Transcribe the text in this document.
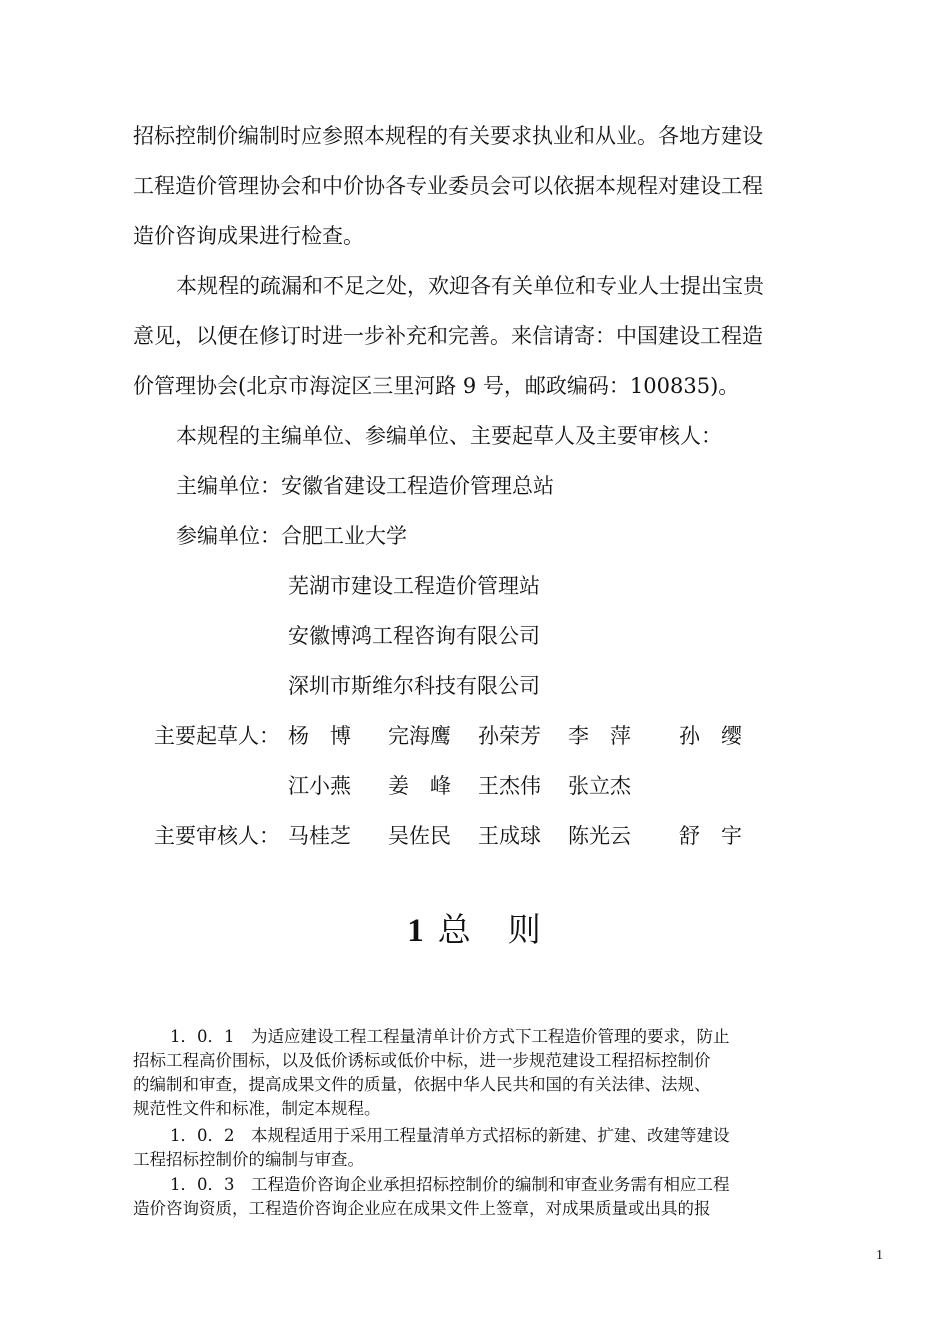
招标控制价编制时应参照本规程的有关要求执业和从业。各地方建设
工程造价管理协会和中价协各专业委员会可以依据本规程对建设工程
造价咨询成果进行检查。
本规程的疏漏和不足之处，欢迎各有关单位和专业人士提出宝贵
意见，以便在修订时进一步补充和完善。来信请寄：中国建设工程造
价管理协会(北京市海淀区三里河路 9 号，邮政编码：100835)。
本规程的主编单位、参编单位、主要起草人及主要审核人：
主编单位：安徽省建设工程造价管理总站
参编单位：合肥工业大学
芜湖市建设工程造价管理站
安徽博鸿工程咨询有限公司
深圳市斯维尔科技有限公司
主要起草人： 杨　博 完海鹰 孙荣芳 李　萍 孙　缨
江小燕 姜　峰 王杰伟 张立杰
主要审核人： 马桂芝 吴佐民 王成球 陈光云 舒　宇
1 总　则
1．0．1　为适应建设工程工程量清单计价方式下工程造价管理的要求，防止
招标工程高价围标，以及低价诱标或低价中标，进一步规范建设工程招标控制价
的编制和审查，提高成果文件的质量，依据中华人民共和国的有关法律、法规、
规范性文件和标准，制定本规程。
1．0．2　本规程适用于采用工程量清单方式招标的新建、扩建、改建等建设
工程招标控制价的编制与审查。
1．0．3　工程造价咨询企业承担招标控制价的编制和审查业务需有相应工程
造价咨询资质，工程造价咨询企业应在成果文件上签章，对成果质量或出具的报
1
